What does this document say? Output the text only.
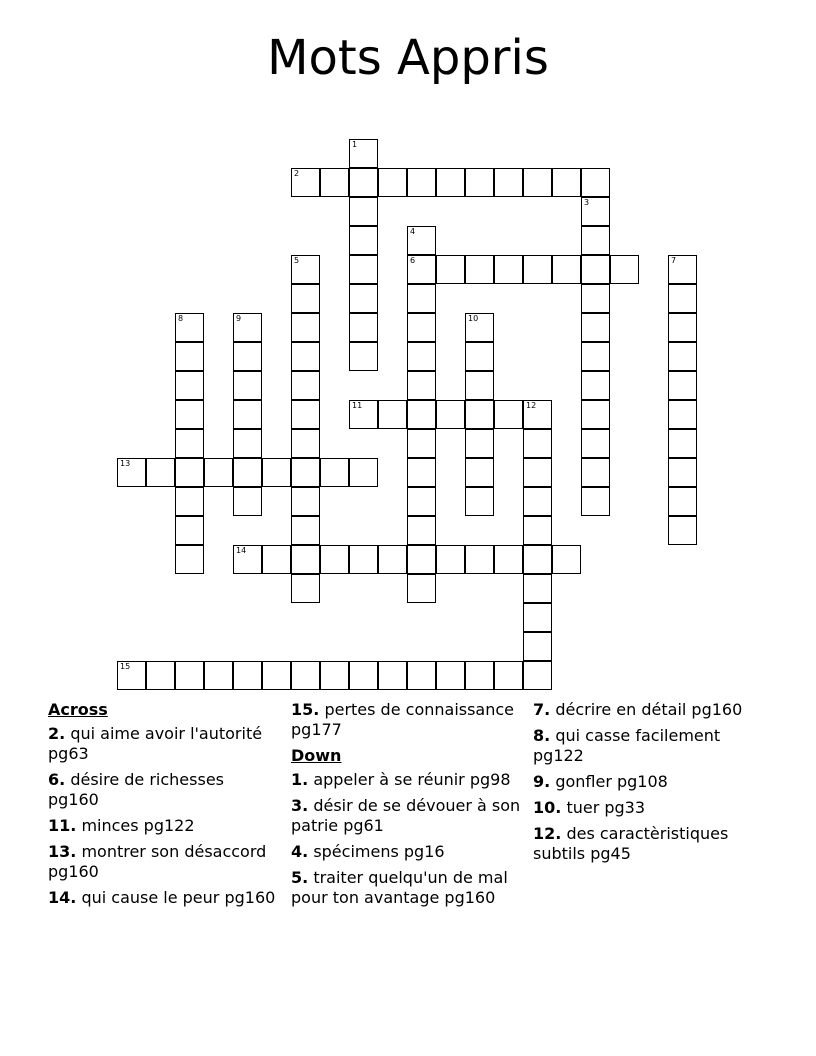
Mots Appris
1
2
3
4
5	6	7
8	9	10
11	12
13
14
15
Across
2. qui aime avoir l'autorité pg63
6. désire de richesses pg160
11. minces pg122
13. montrer son désaccord pg160
14. qui cause le peur pg160
15. pertes de connaissance pg177
Down
1. appeler à se réunir pg98
3. désir de se dévouer à son patrie pg61
4. spécimens pg16
5. traiter quelqu'un de mal pour ton avantage pg160
7. décrire en détail pg160
8. qui casse facilement pg122
9. gonfler pg108
10. tuer pg33
12. des caractèristiques subtils pg45
